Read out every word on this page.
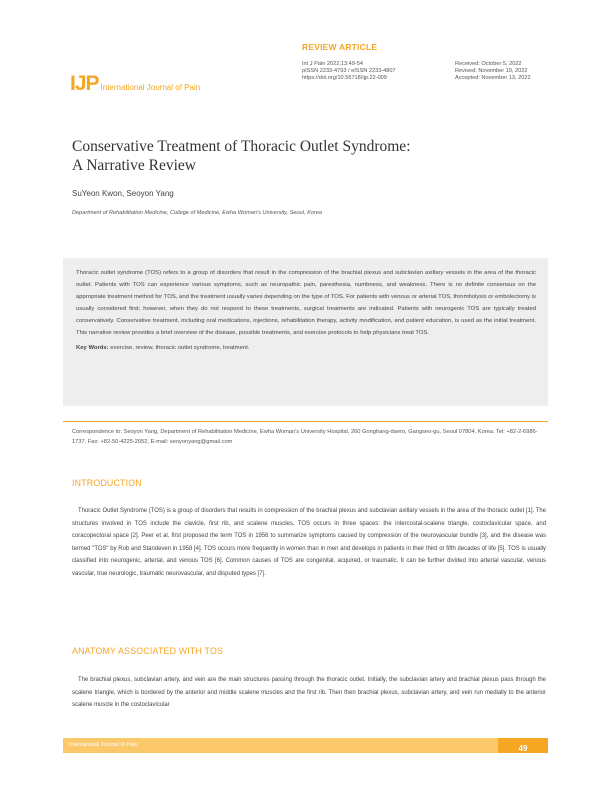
REVIEW ARTICLE
IJP International Journal of Pain
Int J Pain 2022;13:49-54
pISSN 2233-4793 / eISSN 2233-4807
https://doi.org/10.56718/ijp.22-009
Received: October 5, 2022
Revised: November 10, 2022
Accepted: November 13, 2022
Conservative Treatment of Thoracic Outlet Syndrome:
A Narrative Review
SuYeon Kwon, Seoyon Yang
Department of Rehabilitation Medicine, College of Medicine, Ewha Woman's University, Seoul, Korea

Thoracic outlet syndrome (TOS) refers to a group of disorders that result in the compression of the brachial plexus and subclavian axillary vessels in the area of the thoracic outlet. Patients with TOS can experience various symptoms, such as neuropathic pain, paresthesia, numbness, and weakness. There is no definite consensus on the appropriate treatment method for TOS, and the treatment usually varies depending on the type of TOS. For patients with venous or arterial TOS, thrombolysis or embolectomy is usually considered first; however, when they do not respond to these treatments, surgical treatments are indicated. Patients with neurogenic TOS are typically treated conservatively. Conservative treatment, including oral medications, injections, rehabilitation therapy, activity modification, and patient education, is used as the initial treatment. This narrative review provides a brief overview of the disease, possible treatments, and exercise protocols to help physicians treat TOS.

Key Words: exercise, review, thoracic outlet syndrome, treatment.

Correspondence to: Seoyon Yang, Department of Rehabilitation Medicine, Ewha Woman's University Hospital, 260 Gonghang-daero, Gangseo-gu, Seoul 07804, Korea. Tel: +82-2-6986-1737, Fax: +82-50-4225-2052, E-mail: seoyonyang@gmail.com
INTRODUCTION

Thoracic Outlet Syndrome (TOS) is a group of disorders that results in compression of the brachial plexus and subclavian axillary vessels in the area of the thoracic outlet [1]. The structures involved in TOS include the clavicle, first rib, and scalene muscles. TOS occurs in three spaces: the intercostal-scalene triangle, costoclavicular space, and coracopectoral space [2]. Peer et al. first proposed the term TOS in 1956 to summarize symptoms caused by compression of the neurovascular bundle [3], and the disease was termed "TOS" by Rob and Standeven in 1958 [4]. TOS occurs more frequently in women than in men and develops in patients in their third or fifth decades of life [5]. TOS is usually classified into neurogenic, arterial, and venous TOS [6]. Common causes of TOS are congenital, acquired, or traumatic. It can be further divided into arterial vascular, venous vascular, true neurologic, traumatic neurovascular, and disputed types [7].

ANATOMY ASSOCIATED WITH TOS

The brachial plexus, subclavian artery, and vein are the main structures passing through the thoracic outlet. Initially, the subclavian artery and brachial plexus pass through the scalene triangle, which is bordered by the anterior and middle scalene muscles and the first rib. Then then brachial plexus, subclavian artery, and vein run medially to the anterior scalene muscle in the costoclavicular

International Journal of Pain	49
